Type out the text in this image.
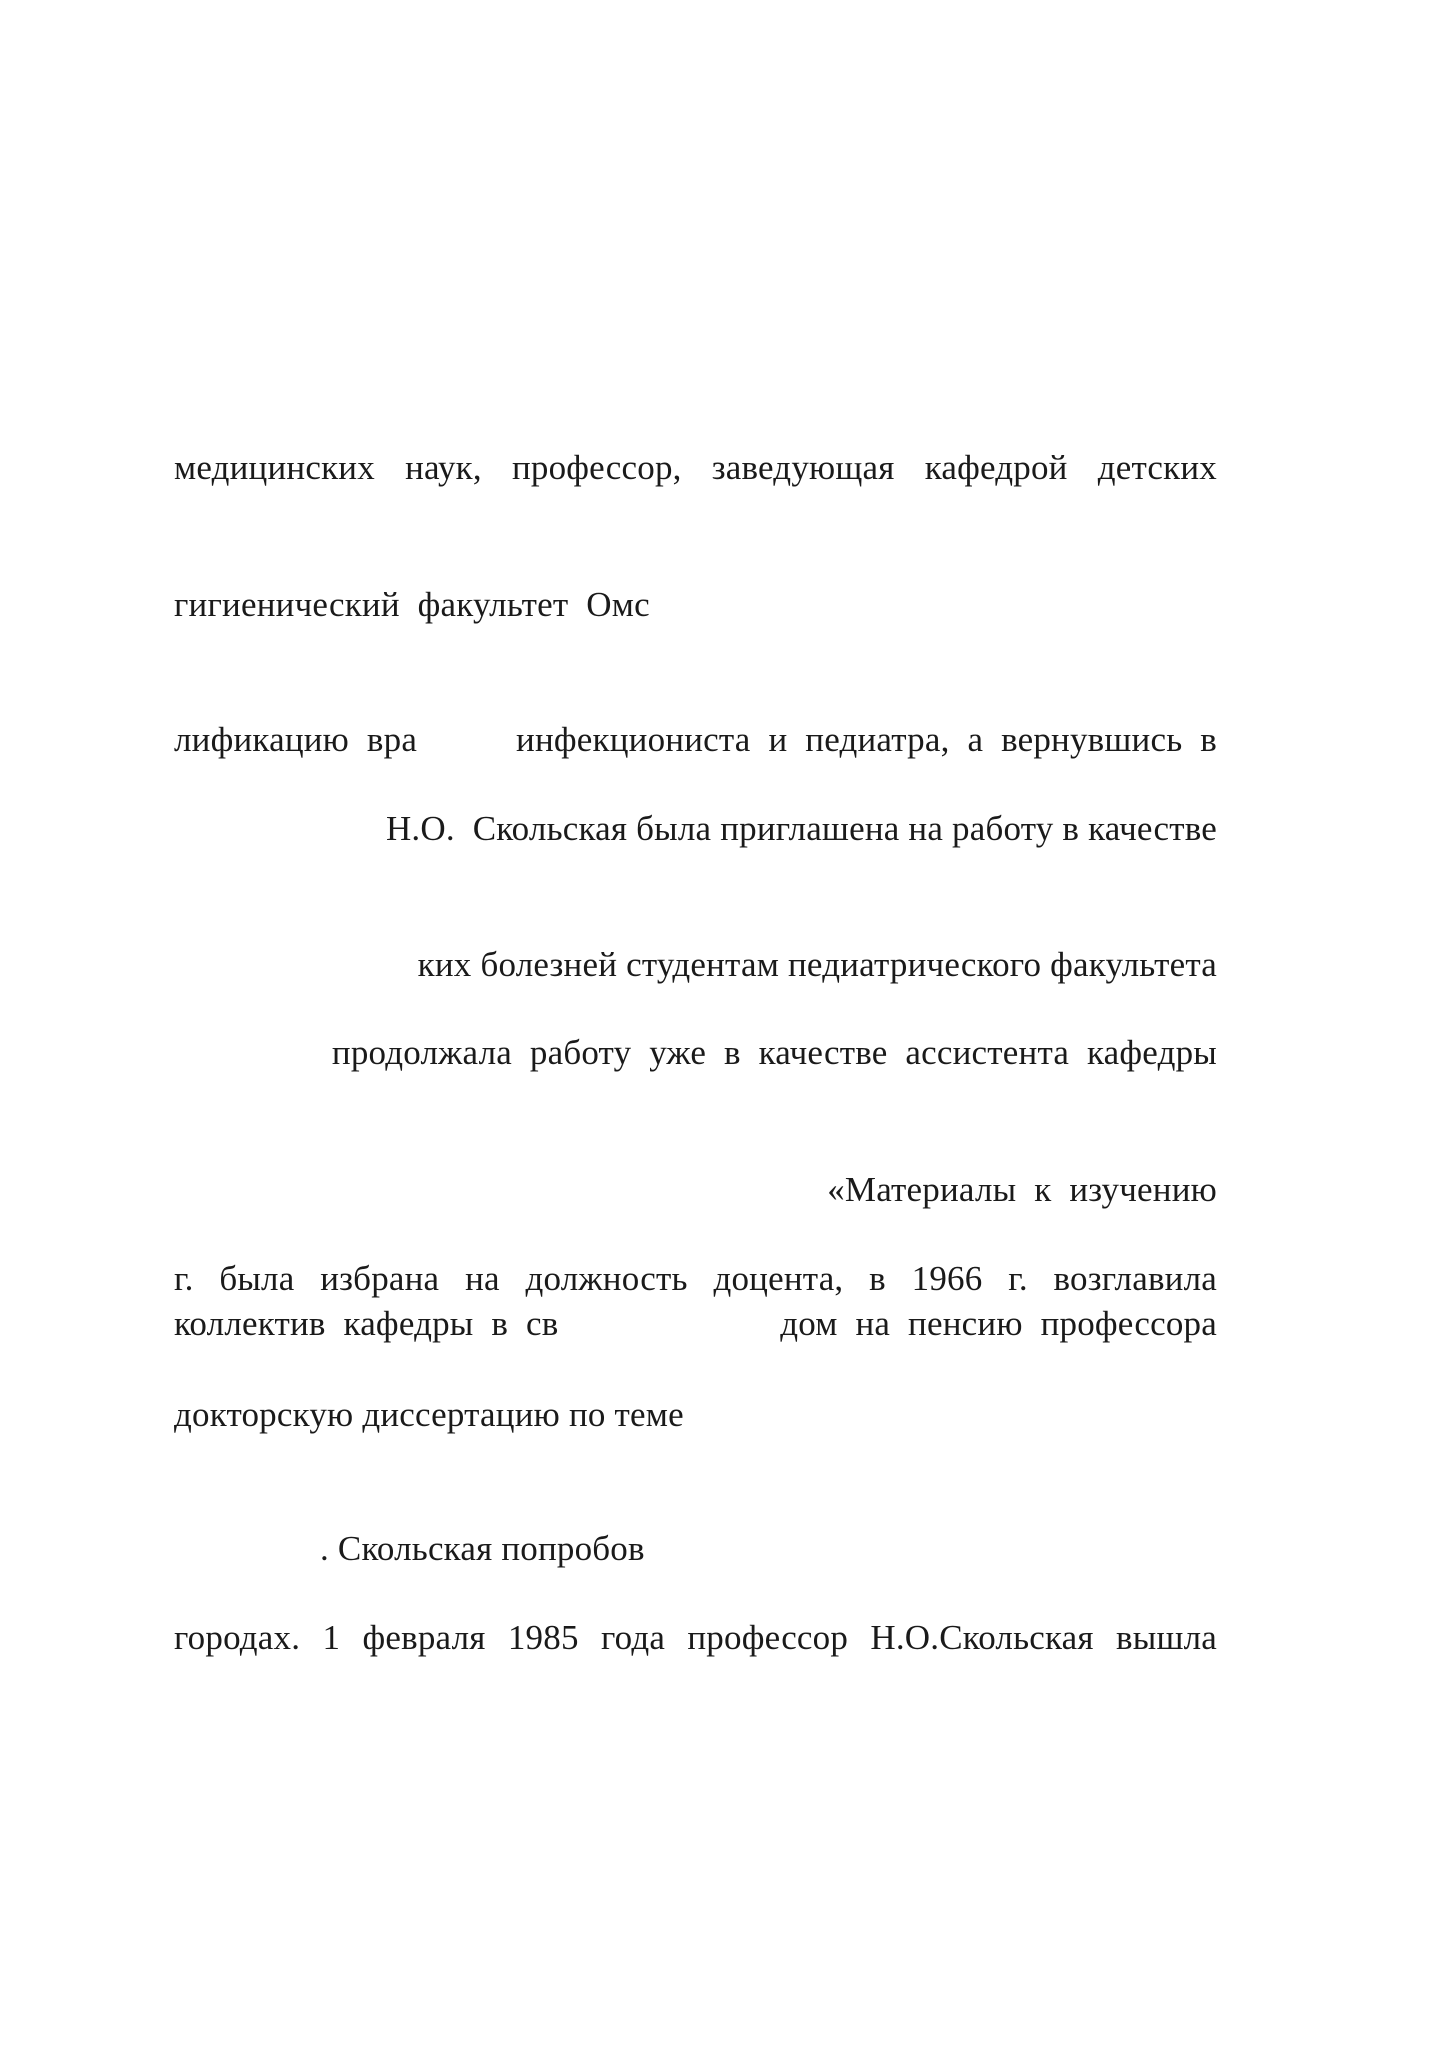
медицинских  наук,  профессор,  заведующая  кафедрой  детских
гигиенический  факультет  Омс
лификацию  вра	инфекциониста  и  педиатра,  а  вернувшись  в
Н.О.  Скольская была приглашена на работу в качестве
ких болезней студентам педиатрического факультета
продолжала  работу  уже  в  качестве  ассистента  кафедры
«Материалы  к  изучению
г.  была  избрана  на  должность  доцента,  в  1966  г.  возглавила
коллектив  кафедры  в  св	дом  на  пенсию  профессора
докторскую диссертацию по теме
. Скольская попробов
городах.  1  февраля  1985  года  профессор  Н.О.Скольская  вышла
